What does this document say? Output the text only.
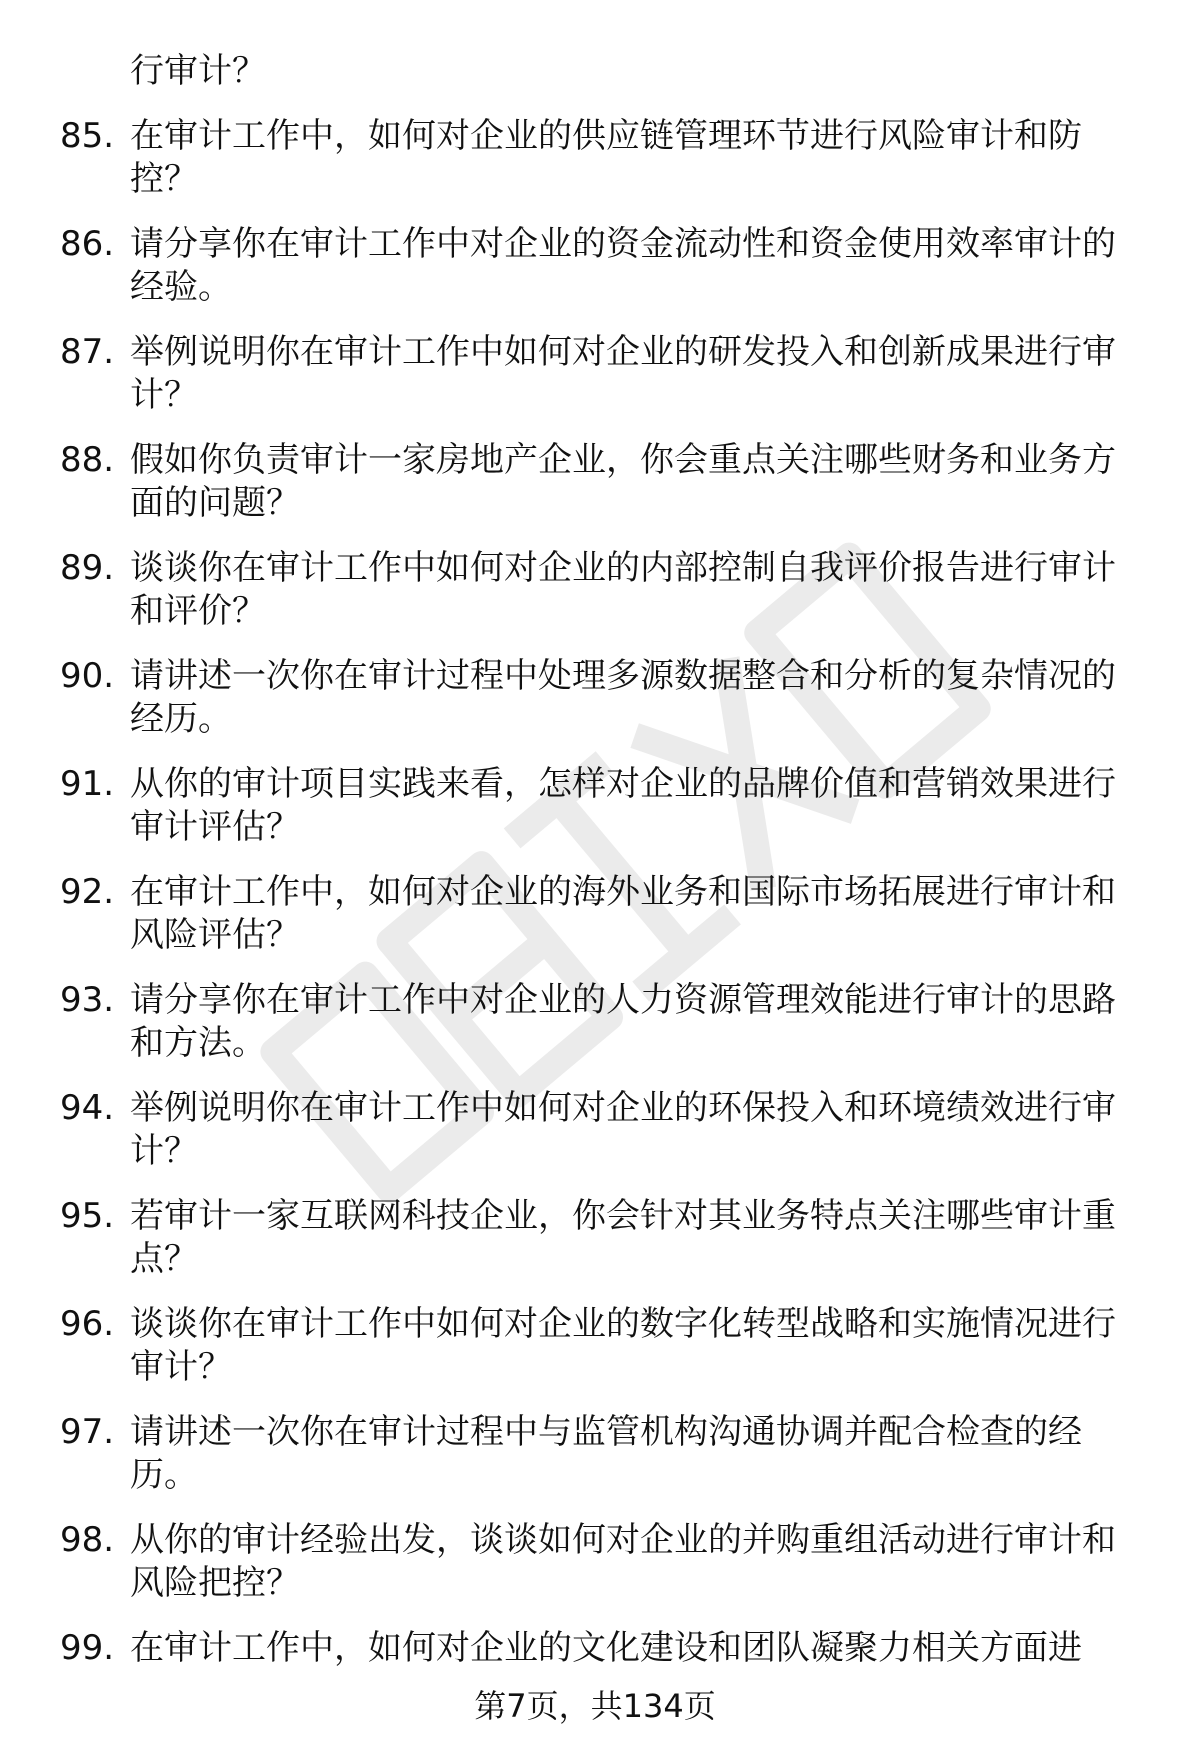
行审计？
85. 在审计工作中，如何对企业的供应链管理环节进行风险审计和防控？
86. 请分享你在审计工作中对企业的资金流动性和资金使用效率审计的经验。
87. 举例说明你在审计工作中如何对企业的研发投入和创新成果进行审计？
88. 假如你负责审计一家房地产企业，你会重点关注哪些财务和业务方面的问题？
89. 谈谈你在审计工作中如何对企业的内部控制自我评价报告进行审计和评价？
90. 请讲述一次你在审计过程中处理多源数据整合和分析的复杂情况的经历。
91. 从你的审计项目实践来看，怎样对企业的品牌价值和营销效果进行审计评估？
92. 在审计工作中，如何对企业的海外业务和国际市场拓展进行审计和风险评估？
93. 请分享你在审计工作中对企业的人力资源管理效能进行审计的思路和方法。
94. 举例说明你在审计工作中如何对企业的环保投入和环境绩效进行审计？
95. 若审计一家互联网科技企业，你会针对其业务特点关注哪些审计重点？
96. 谈谈你在审计工作中如何对企业的数字化转型战略和实施情况进行审计？
97. 请讲述一次你在审计过程中与监管机构沟通协调并配合检查的经历。
98. 从你的审计经验出发，谈谈如何对企业的并购重组活动进行审计和风险把控？
99. 在审计工作中，如何对企业的文化建设和团队凝聚力相关方面进
第7页，共134页
